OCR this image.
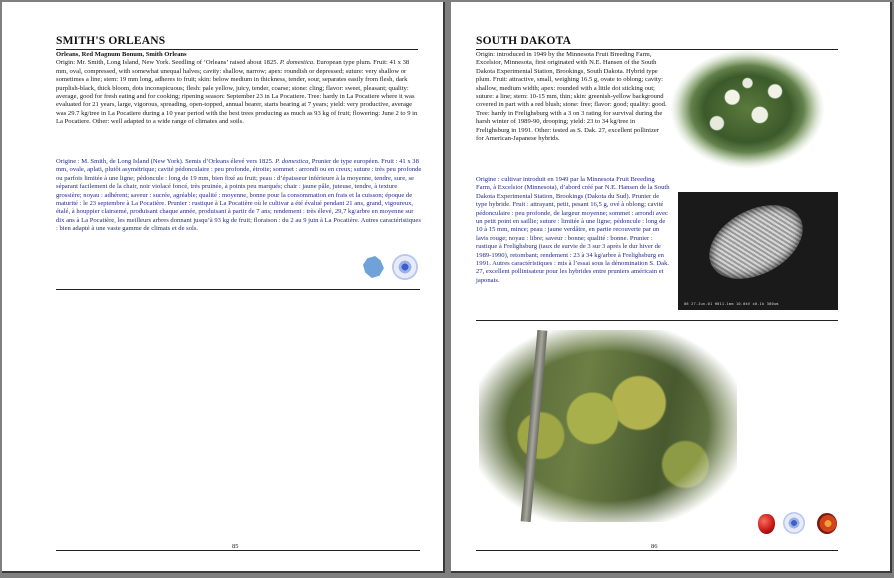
SMITH'S ORLEANS
Orleans, Red Magnum Bonum, Smith Orleans
Origin: Mr. Smith, Long Island, New York. Seedling of ‘Orleans’ raised about 1825. P. domestica. European type plum. Fruit: 41 x 38 mm, oval, compressed, with somewhat unequal halves; cavity: shallow, narrow; apex: roundish or depressed; suture: very shallow or sometimes a line; stem: 19 mm long, adheres to fruit; skin: below medium in thickness, tender, sour, separates easily from flesh, dark purplish-black, thick bloom, dots inconspicuous; flesh: pale yellow, juicy, tender, coarse; stone: cling; flavor: sweet, pleasant; quality: average, good for fresh eating and for cooking; ripening season: September 23 in La Pocatiere. Tree: hardy in La Pocatiere where it was evaluated for 21 years, large, vigorous, spreading, open-topped, annual bearer, starts bearing at 7 years; yield: very productive, average was 29.7 kg/tree in La Pocatiere during a 10 year period with the best trees producing as much as 93 kg of fruit; flowering: June 2 to 9 in La Pocatiere. Other: well adapted to a wide range of climates and soils.
Origine : M. Smith, de Long Island (New York). Semis d’Orleans élevé vers 1825. P. domestica, Prunier de type européen. Fruit : 41 x 38 mm, ovale, aplati, plutôt asymétrique; cavité pédonculaire : peu profonde, étroite; sommet : arrondi ou en creux; suture : très peu profonde ou parfois limitée à une ligne; pédoncule : long de 19 mm, bien fixé au fruit; peau : d’épaisseur inférieure à la moyenne, tendre, sure, se séparant facilement de la chair, noir violacé foncé, très pruinée, à points peu marqués; chair : jaune pâle, juteuse, tendre, à texture grossière; noyau : adhérent; saveur : sucrée, agréable; qualité : moyenne, bonne pour la consommation en frais et la cuisson; époque de maturité : le 23 septembre à La Pocatière. Prunier : rustique à La Pocatière où le cultivar a été évalué pendant 21 ans, grand, vigoureux, étalé, à houppier clairsemé, produisant chaque année, produisant à partir de 7 ans; rendement : très élevé, 29,7 kg/arbre en moyenne sur dix ans à La Pocatière, les meilleurs arbres donnant jusqu’à 93 kg de fruit; floraison : du 2 au 9 juin à La Pocatière. Autres caractéristiques : bien adapté à une vaste gamme de climats et de sols.
85
SOUTH DAKOTA
Origin: introduced in 1949 by the Minnesota Fruit Breeding Farm, Excelsior, Minnesota, first originated with N.E. Hansen of the South Dakota Experimental Station, Brookings, South Dakota. Hybrid type plum. Fruit: attractive, small, weighing 16.5 g, ovate to oblong; cavity: shallow, medium width; apex: rounded with a little dot sticking out; suture: a line; stem: 10-15 mm, thin; skin: greenish-yellow background covered in part with a red blush; stone: free; flavor: good; quality: good. Tree: hardy in Frelighsburg with a 3 on 3 rating for survival during the harsh winter of 1989-90, drooping; yield: 23 to 34 kg/tree in Frelighsburg in 1991. Other: tested as S. Dak. 27, excellent pollinizer for American-Japanese hybrids.
Origine : cultivar introduit en 1949 par la Minnesota Fruit Breeding Farm, à Excelsior (Minnesota), d’abord créé par N.E. Hansen de la South Dakota Experimental Station, Brookings (Dakota du Sud). Prunier de type hybride. Fruit : attrayant, petit, pesant 16,5 g, ové à oblong; cavité pédonculaire : peu profonde, de largeur moyenne; sommet : arrondi avec un petit point en saillie; suture : limitée à une ligne; pédoncule : long de 10 à 15 mm, mince; peau : jaune verdâtre, en partie recouverte par un lavis rouge; noyau : libre; saveur : bonne; qualité : bonne. Prunier : rustique à Frelighsburg (taux de survie de 3 sur 3 après le dur hiver de 1989-1990), retombant; rendement : 23 à 34 kg/arbre à Frelighsburg en 1991. Autres caractéristiques : mis à l’essai sous la dénomination S. Dak. 27, excellent pollinisateur pour les hybrides entre pruniers américain et japonais.
06 27-Jun-01 H011.1mm 10.0kV x0.1k 300um
86
